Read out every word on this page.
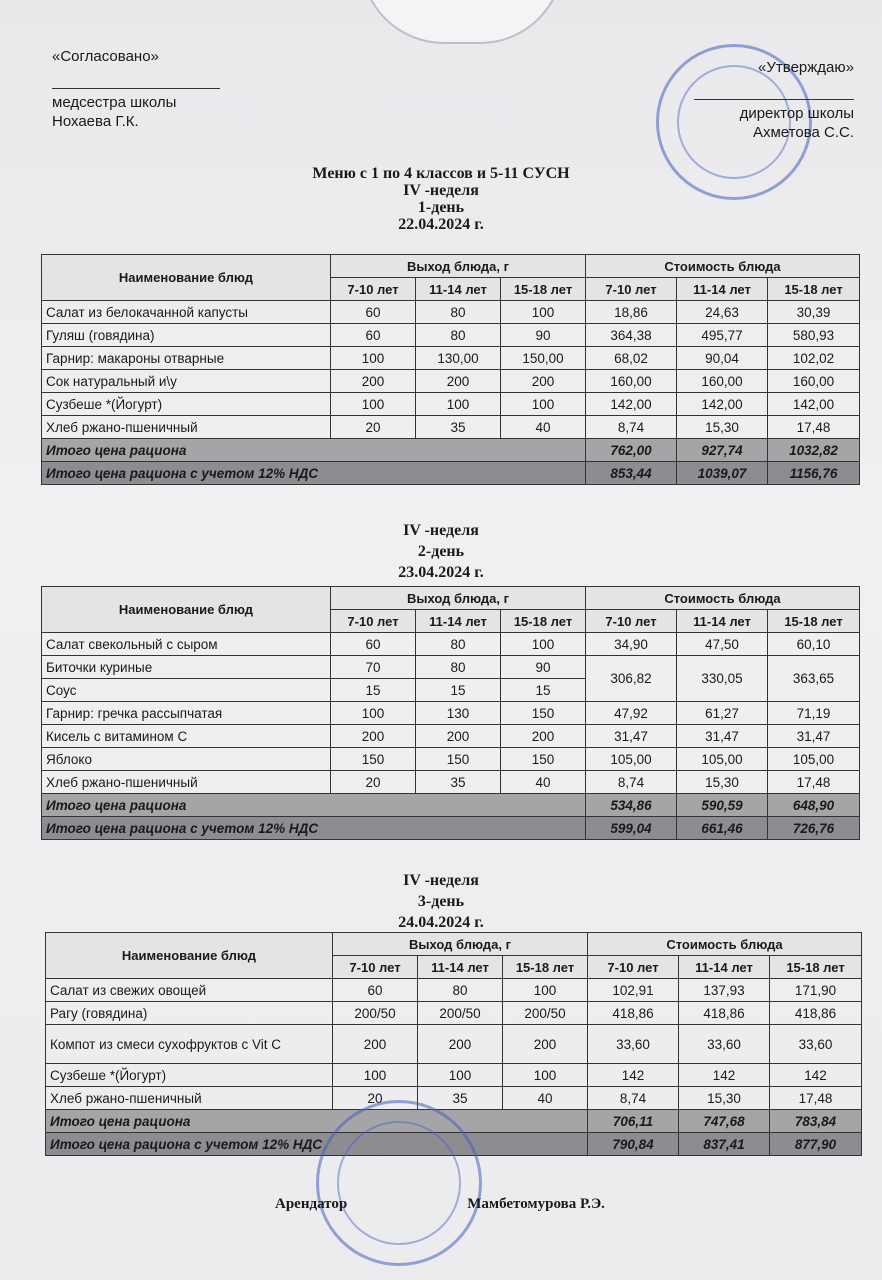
«Согласовано»
медсестра школы
Нохаева Г.К.
«Утверждаю»
директор школы
Ахметова С.С.
Меню с 1 по 4 классов и 5-11 СУСН
IV -неделя
1-день
22.04.2024 г.
Наименование блюд	Выход блюда, г			Стоимость блюда		
	7-10 лет	11-14 лет	15-18 лет	7-10 лет	11-14 лет	15-18 лет
Салат из белокачанной капусты	60	80	100	18,86	24,63	30,39
Гуляш (говядина)	60	80	90	364,38	495,77	580,93
Гарнир: макароны отварные	100	130,00	150,00	68,02	90,04	102,02
Сок натуральный и\у	200	200	200	160,00	160,00	160,00
Сузбеше *(Йогурт)	100	100	100	142,00	142,00	142,00
Хлеб ржано-пшеничный	20	35	40	8,74	15,30	17,48
Итого цена рациона				762,00	927,74	1032,82
Итого цена рациона с учетом 12% НДС				853,44	1039,07	1156,76
IV -неделя
2-день
23.04.2024 г.
Наименование блюд	Выход блюда, г			Стоимость блюда		
	7-10 лет	11-14 лет	15-18 лет	7-10 лет	11-14 лет	15-18 лет
Салат свекольный с сыром	60	80	100	34,90	47,50	60,10
Биточки куриные	70	80	90	306,82	330,05	363,65
Соус	15	15	15			
Гарнир: гречка рассыпчатая	100	130	150	47,92	61,27	71,19
Кисель с витамином С	200	200	200	31,47	31,47	31,47
Яблоко	150	150	150	105,00	105,00	105,00
Хлеб ржано-пшеничный	20	35	40	8,74	15,30	17,48
Итого цена рациона				534,86	590,59	648,90
Итого цена рациона с учетом 12% НДС				599,04	661,46	726,76
IV -неделя
3-день
24.04.2024 г.
Наименование блюд	Выход блюда, г			Стоимость блюда		
	7-10 лет	11-14 лет	15-18 лет	7-10 лет	11-14 лет	15-18 лет
Салат из свежих овощей	60	80	100	102,91	137,93	171,90
Рагу (говядина)	200/50	200/50	200/50	418,86	418,86	418,86
Компот из смеси сухофруктов с Vit С	200	200	200	33,60	33,60	33,60
Сузбеше *(Йогурт)	100	100	100	142	142	142
Хлеб ржано-пшеничный	20	35	40	8,74	15,30	17,48
Итого цена рациона				706,11	747,68	783,84
Итого цена рациона с учетом 12% НДС				790,84	837,41	877,90
Арендатор	Мамбетомурова Р.Э.
